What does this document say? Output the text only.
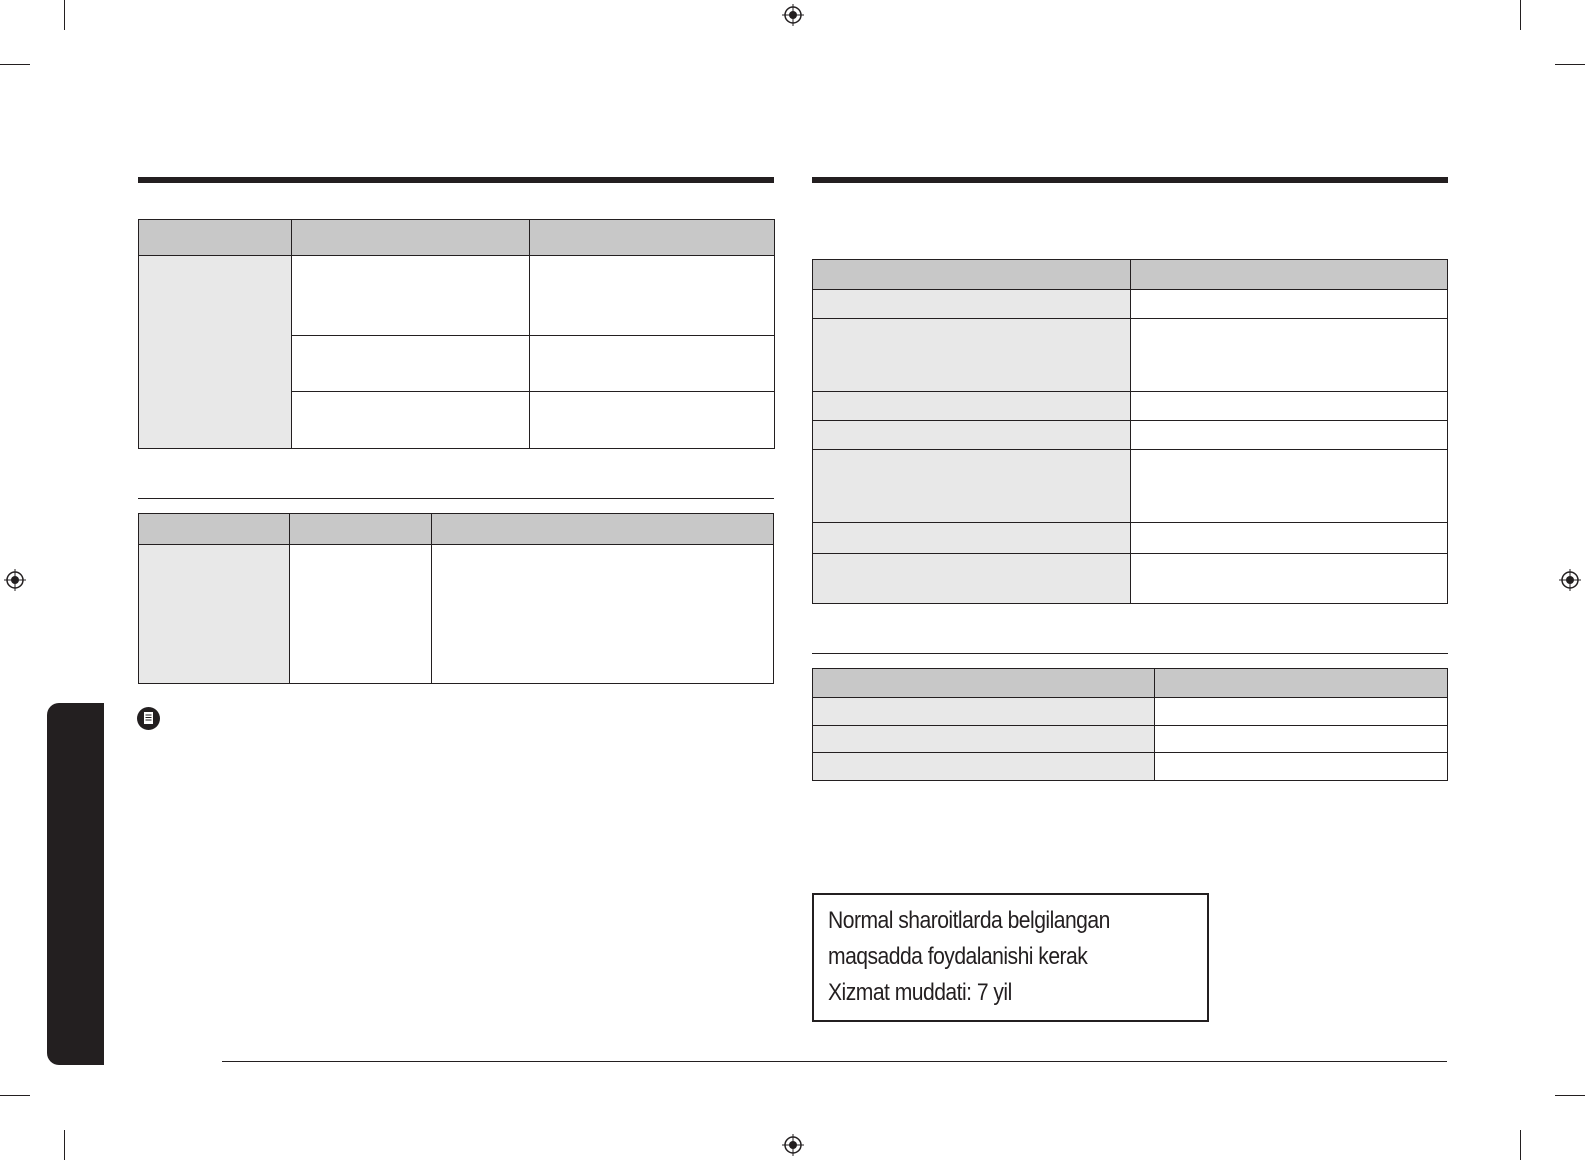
Normal sharoitlarda belgilangan
maqsadda foydalanishi kerak
Xizmat muddati: 7 yil
